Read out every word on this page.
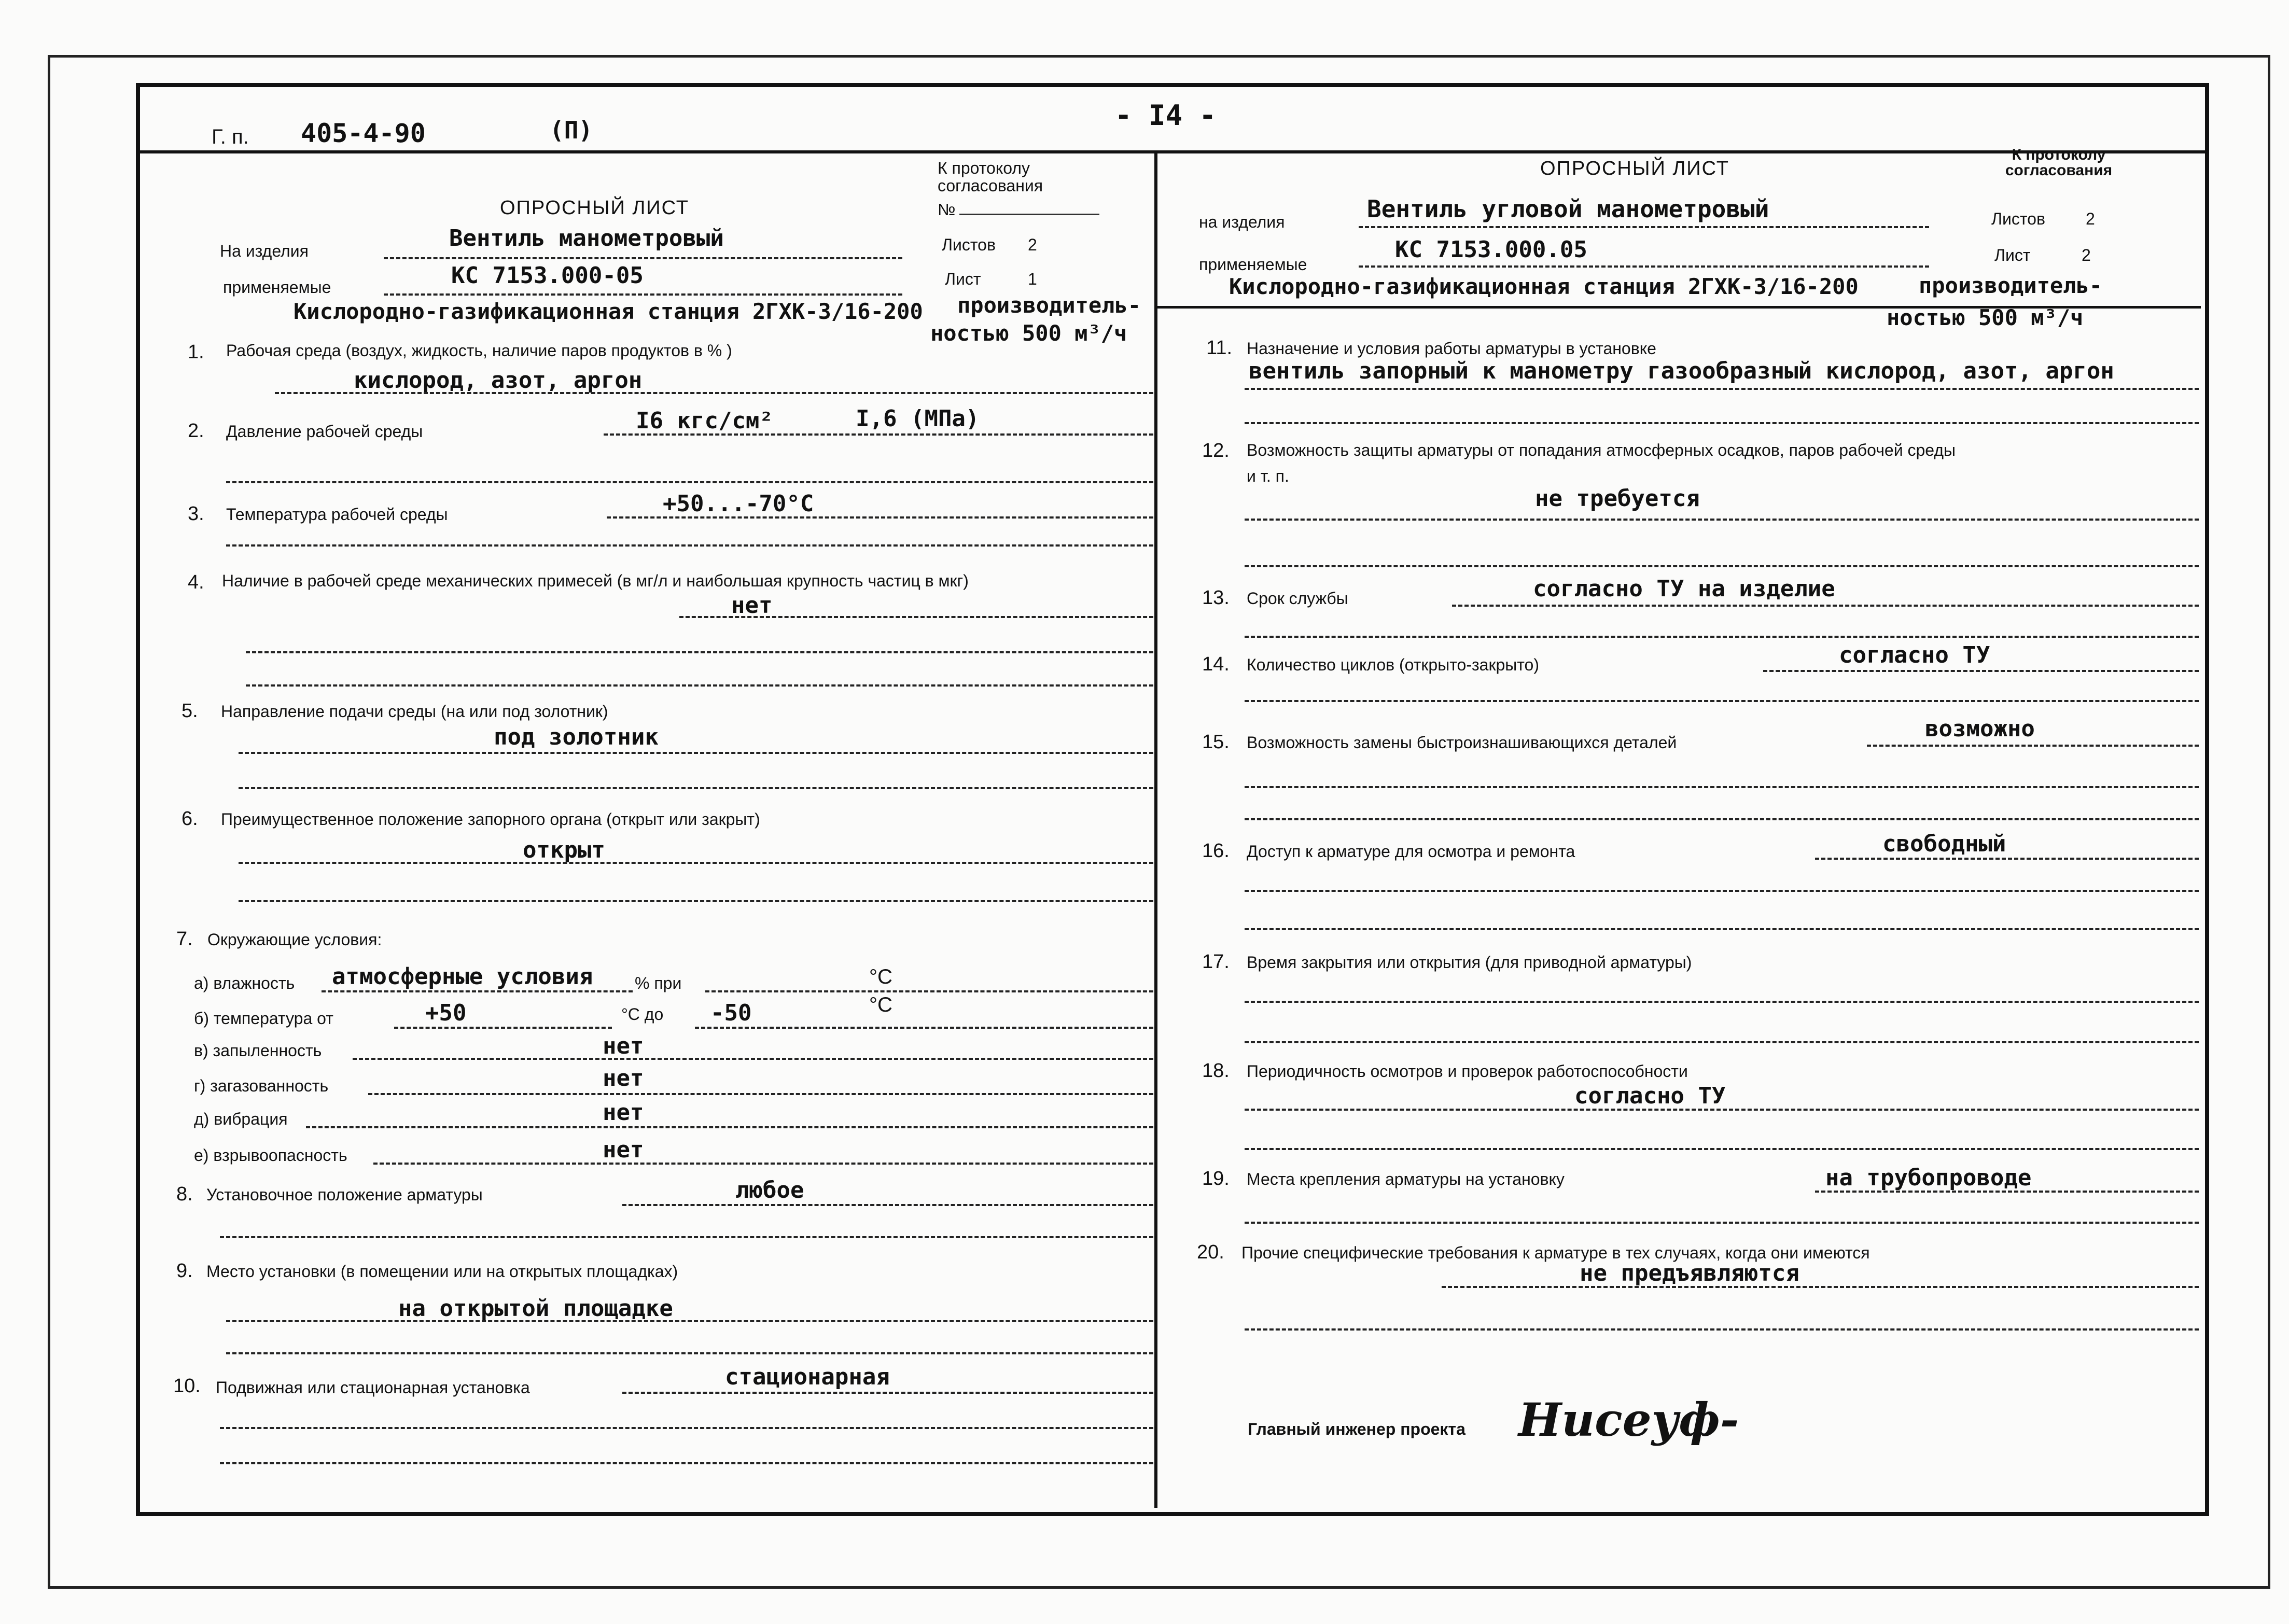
Г. п. 405-4-90	(П)	- I4 -
К протоколу согласования
№
ОПРОСНЫЙ ЛИСТ
На изделия	Вентиль манометровый	Листов 2
применяемые	КС 7153.000-05	Лист	1
Кислородно-газификационная станция 2ГХК-3/16-200 производитель-
ностью 500 м³/ч
1. Рабочая среда (воздух, жидкость, наличие паров продуктов в % )
кислород, азот, аргон
2. Давление рабочей среды	I6 кгс/см²	I,6 (МПа)
3. Температура рабочей среды	+50...-70°С
4. Наличие в рабочей среде механических примесей (в мг/л и наибольшая крупность частиц в мкг)
нет
5. Направление подачи среды (на или под золотник)
под золотник
6. Преимущественное положение запорного органа (открыт или закрыт)
открыт
7. Окружающие условия:
а) влажность атмосферные условия	% при	°С
б) температура от	+50	°С до -50	°С
в) запыленность	нет
г) загазованность	нет
д) вибрация	нет
е) взрывоопасность	нет
8. Установочное положение арматуры	любое
9. Место установки (в помещении или на открытых площадках)
на открытой площадке
10. Подвижная или стационарная установка	стационарная
ОПРОСНЫЙ ЛИСТ
К протоколу согласования
на изделия	Вентиль угловой манометровый	Листов 2
применяемые
КС 7153.000.05	Лист	2
Кислородно-газификационная станция 2ГХК-3/16-200	производитель-
ностью 500 м³/ч
11. Назначение и условия работы арматуры в установке
вентиль запорный к манометру газообразный кислород, азот, аргон
12. Возможность защиты арматуры от попадания атмосферных осадков, паров рабочей среды
и т. п.
не требуется
13. Срок службы	согласно ТУ на изделие
14. Количество циклов (открыто-закрыто)	согласно ТУ
15. Возможность замены быстроизнашивающихся деталей
возможно
16. Доступ к арматуре для осмотра и ремонта	свободный
17. Время закрытия или открытия (для приводной арматуры)
18. Периодичность осмотров и проверок работоспособности
согласно ТУ
19. Места крепления арматуры на установку	на трубопроводе
20. Прочие специфические требования к арматуре в тех случаях, когда они имеются
не предъявляются
Главный инженер проекта Нисеуф-
